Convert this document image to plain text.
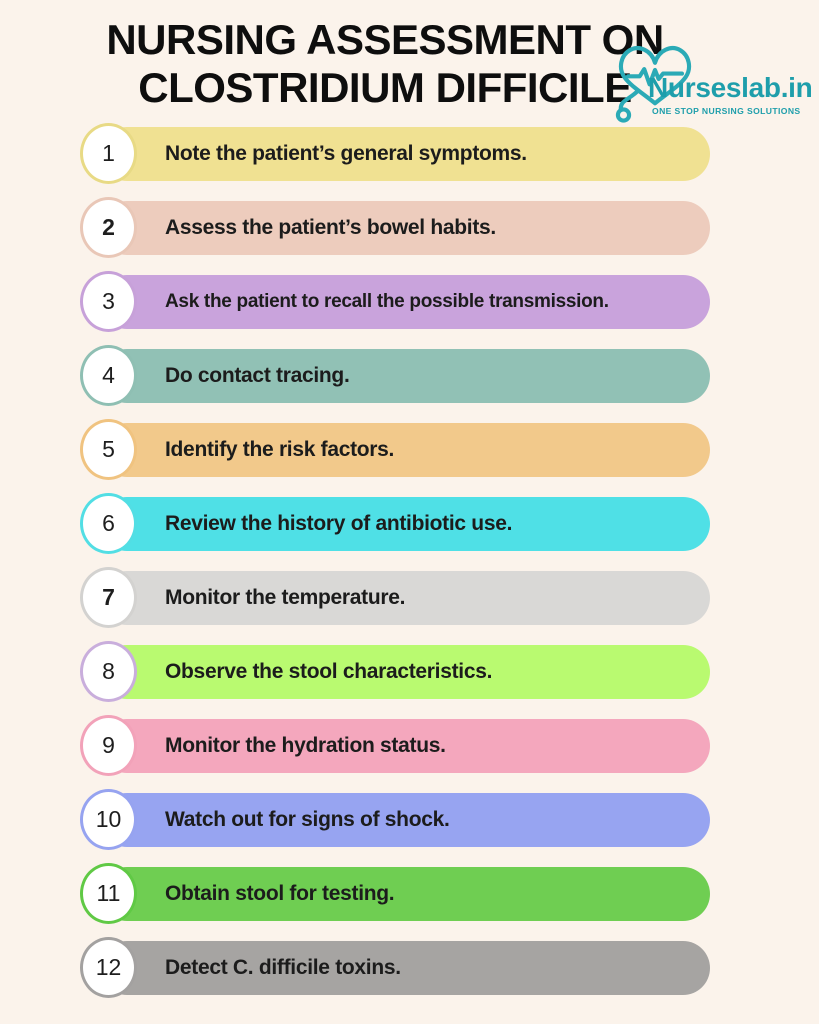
NURSING ASSESSMENT ON
CLOSTRIDIUM DIFFICILE Nurseslab.in
ONE STOP NURSING SOLUTIONS
1	Note the patient’s general symptoms.
2	Assess the patient’s bowel habits.
3	Ask the patient to recall the possible transmission.
4	Do contact tracing.
5	Identify the risk factors.
6	Review the history of antibiotic use.
7	Monitor the temperature.
8	Observe the stool characteristics.
9	Monitor the hydration status.
10	Watch out for signs of shock.
11	Obtain stool for testing.
12	Detect C. difficile toxins.
